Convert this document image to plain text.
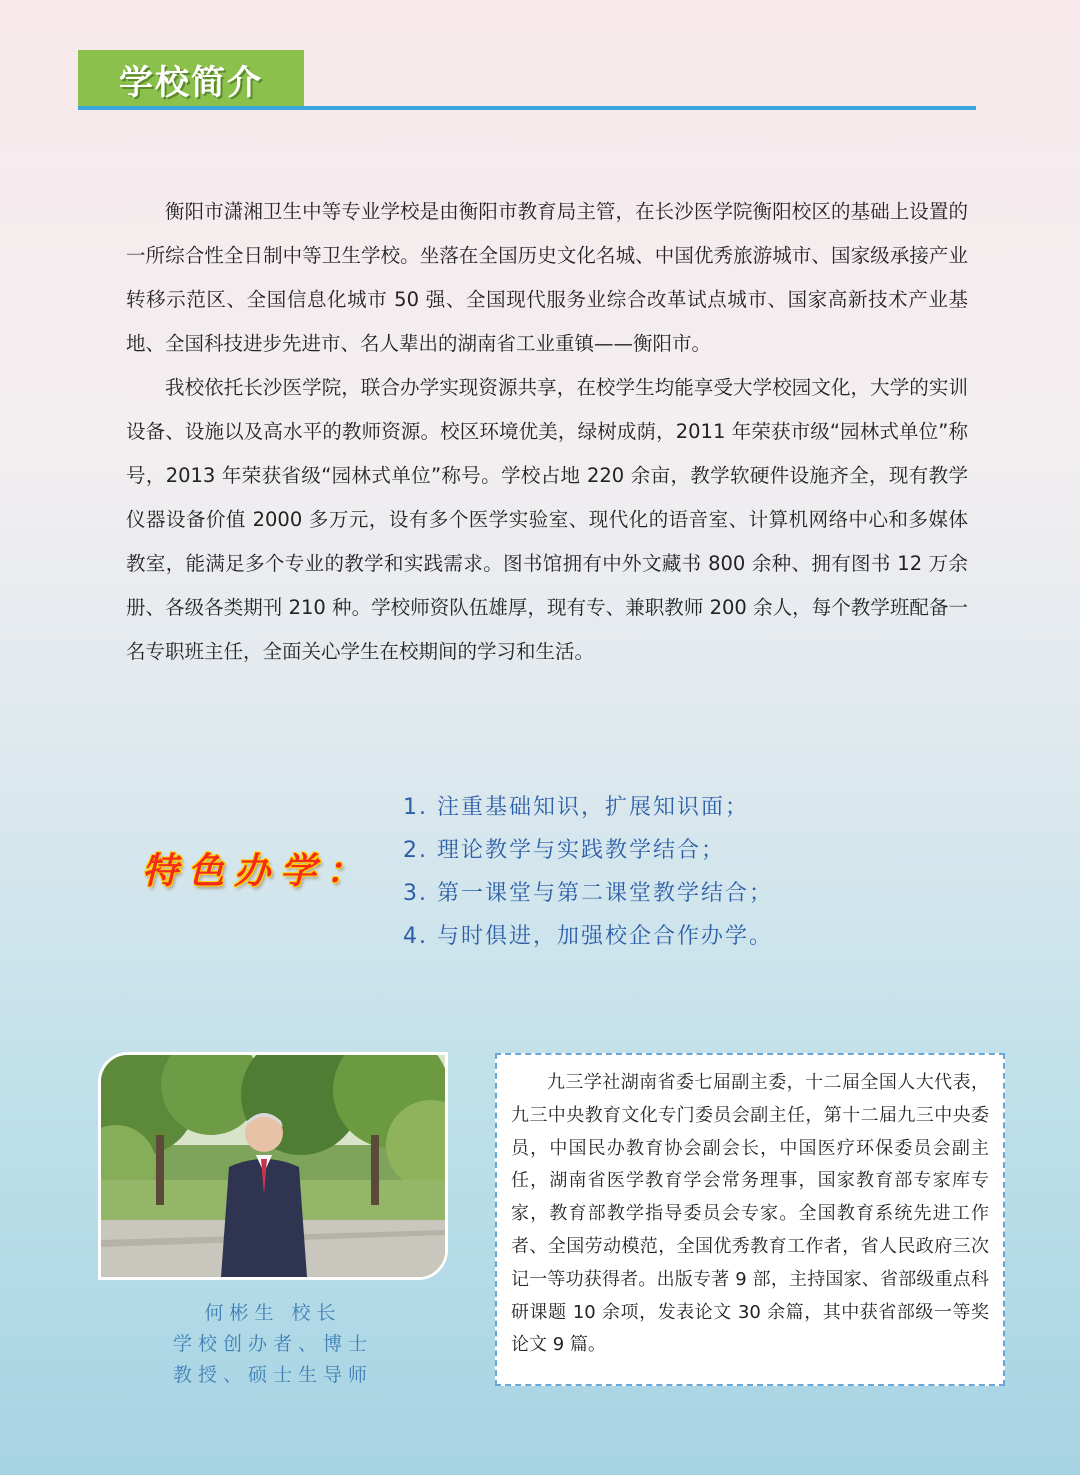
学校简介

衡阳市潇湘卫生中等专业学校是由衡阳市教育局主管，在长沙医学院衡阳校区的基础上设置的一所综合性全日制中等卫生学校。坐落在全国历史文化名城、中国优秀旅游城市、国家级承接产业转移示范区、全国信息化城市 50 强、全国现代服务业综合改革试点城市、国家高新技术产业基地、全国科技进步先进市、名人辈出的湖南省工业重镇——衡阳市。

我校依托长沙医学院，联合办学实现资源共享，在校学生均能享受大学校园文化，大学的实训设备、设施以及高水平的教师资源。校区环境优美，绿树成荫，2011 年荣获市级“园林式单位”称号，2013 年荣获省级“园林式单位”称号。学校占地 220 余亩，教学软硬件设施齐全，现有教学仪器设备价值 2000 多万元，设有多个医学实验室、现代化的语音室、计算机网络中心和多媒体教室，能满足多个专业的教学和实践需求。图书馆拥有中外文藏书 800 余种、拥有图书 12 万余册、各级各类期刊 210 种。学校师资队伍雄厚，现有专、兼职教师 200 余人，每个教学班配备一名专职班主任，全面关心学生在校期间的学习和生活。

特色办学：
1. 注重基础知识，扩展知识面；
2. 理论教学与实践教学结合；
3. 第一课堂与第二课堂教学结合；
4. 与时俱进，加强校企合作办学。
何彬生 校长
学校创办者、博士
教授、硕士生导师

九三学社湖南省委七届副主委，十二届全国人大代表，九三中央教育文化专门委员会副主任，第十二届九三中央委员，中国民办教育协会副会长，中国医疗环保委员会副主任，湖南省医学教育学会常务理事，国家教育部专家库专家，教育部教学指导委员会专家。全国教育系统先进工作者、全国劳动模范，全国优秀教育工作者，省人民政府三次记一等功获得者。出版专著 9 部，主持国家、省部级重点科研课题 10 余项，发表论文 30 余篇，其中获省部级一等奖论文 9 篇。
